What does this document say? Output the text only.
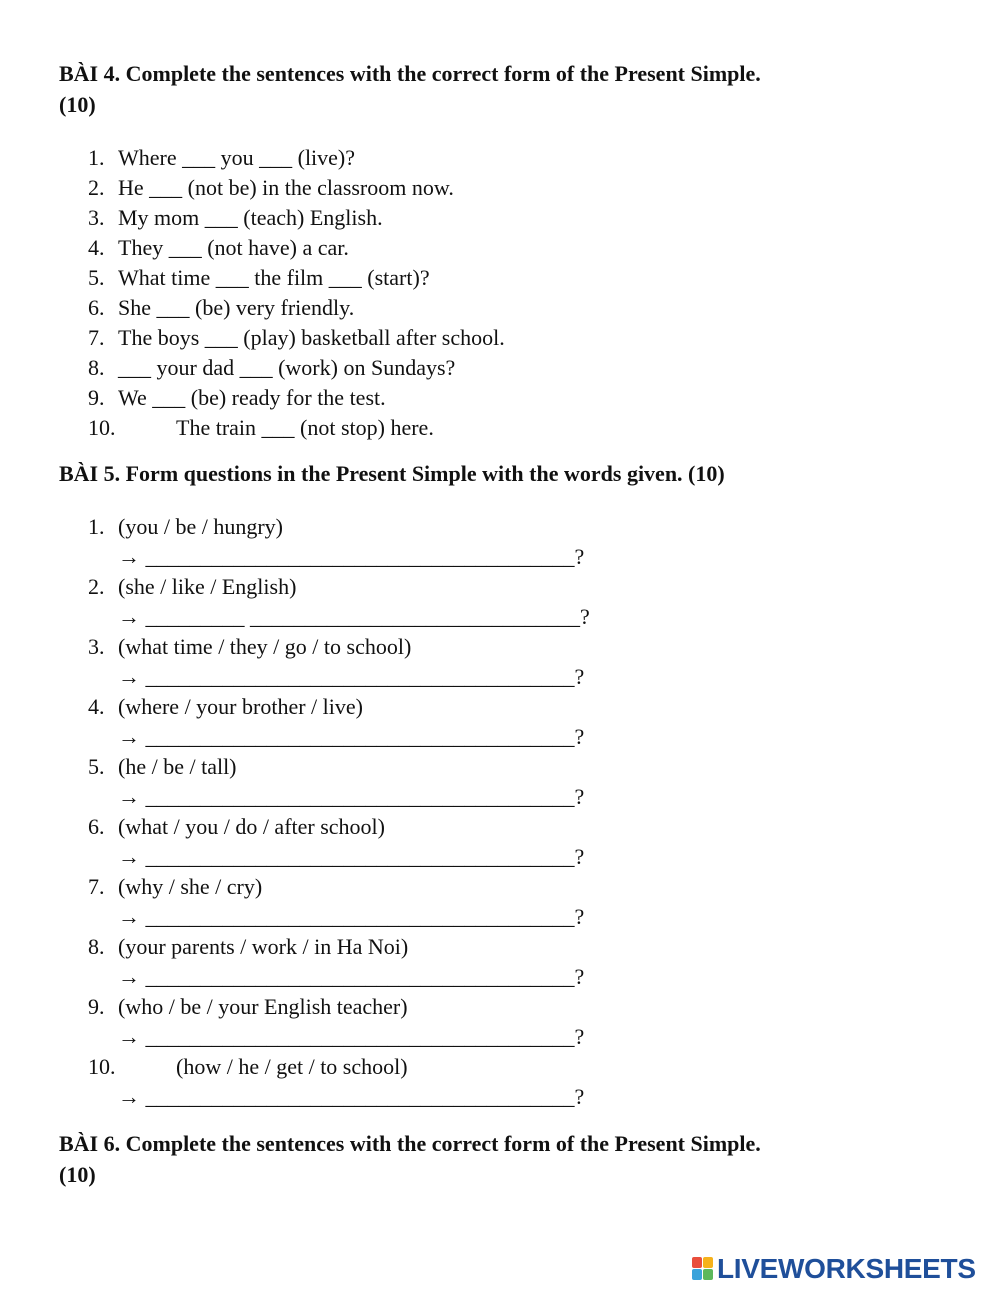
BÀI 4. Complete the sentences with the correct form of the Present Simple.
(10)

1. Where ___ you ___ (live)?
2. He ___ (not be) in the classroom now.
3. My mom ___ (teach) English.
4. They ___ (not have) a car.
5. What time ___ the film ___ (start)?
6. She ___ (be) very friendly.
7. The boys ___ (play) basketball after school.
8. ___ your dad ___ (work) on Sundays?
9. We ___ (be) ready for the test.
10.	The train ___ (not stop) here.

BÀI 5. Form questions in the Present Simple with the words given. (10)

1. (you / be / hungry)
→ _______________________________________?
2. (she / like / English)
→ _________ ______________________________?
3. (what time / they / go / to school)
→ _______________________________________?
4. (where / your brother / live)
→ _______________________________________?
5. (he / be / tall)
→ _______________________________________?
6. (what / you / do / after school)
→ _______________________________________?
7. (why / she / cry)
→ _______________________________________?
8. (your parents / work / in Ha Noi)
→ _______________________________________?
9. (who / be / your English teacher)
→ _______________________________________?
10.	(how / he / get / to school)
→ _______________________________________?

BÀI 6. Complete the sentences with the correct form of the Present Simple.
(10)

LIVEWORKSHEETS
